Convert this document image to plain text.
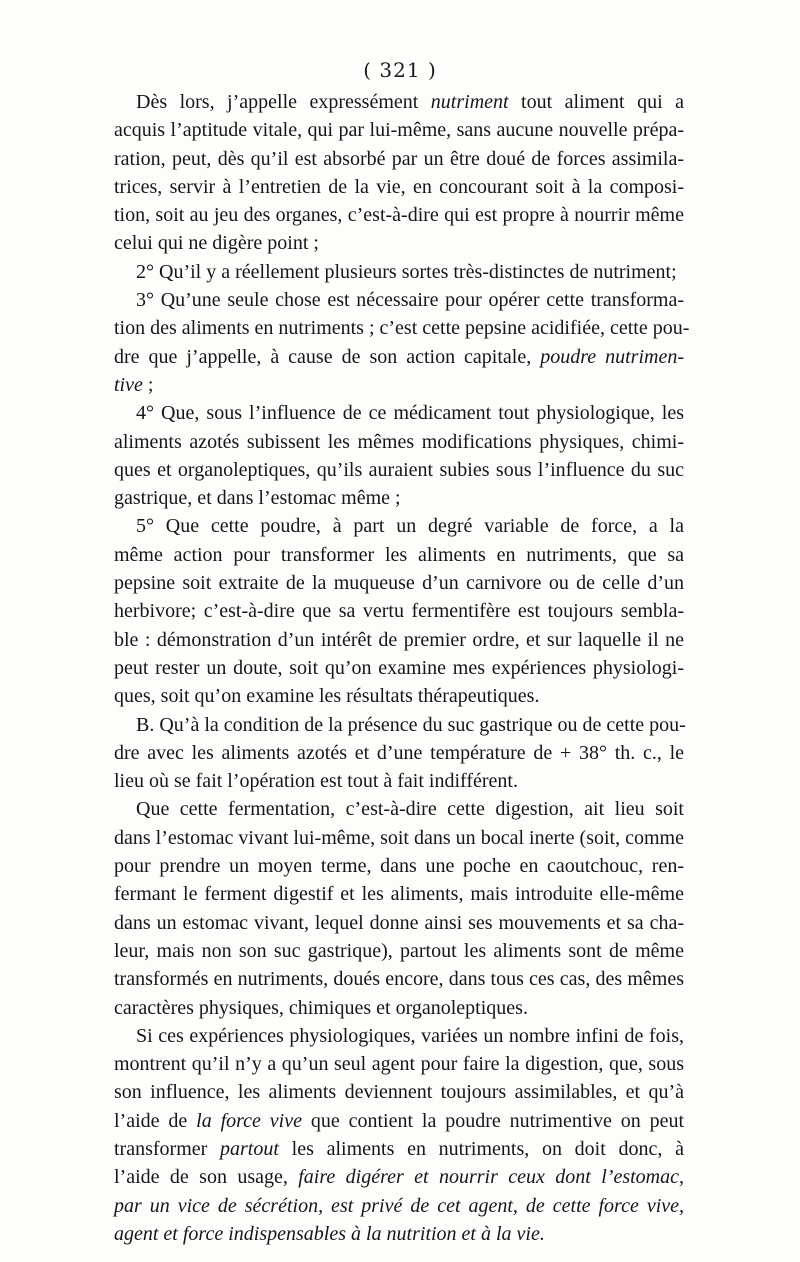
( 321 )
Dès lors, j’appelle expressément nutriment tout aliment qui a
acquis l’aptitude vitale, qui par lui-même, sans aucune nouvelle prépa-
ration, peut, dès qu’il est absorbé par un être doué de forces assimila-
trices, servir à l’entretien de la vie, en concourant soit à la composi-
tion, soit au jeu des organes, c’est-à-dire qui est propre à nourrir même
celui qui ne digère point ;
2° Qu’il y a réellement plusieurs sortes très-distinctes de nutriment;
3° Qu’une seule chose est nécessaire pour opérer cette transforma-
tion des aliments en nutriments ; c’est cette pepsine acidifiée, cette pou-
dre que j’appelle, à cause de son action capitale, poudre nutrimen-
tive ;
4° Que, sous l’influence de ce médicament tout physiologique, les
aliments azotés subissent les mêmes modifications physiques, chimi-
ques et organoleptiques, qu’ils auraient subies sous l’influence du suc
gastrique, et dans l’estomac même ;
5° Que cette poudre, à part un degré variable de force, a la
même action pour transformer les aliments en nutriments, que sa
pepsine soit extraite de la muqueuse d’un carnivore ou de celle d’un
herbivore; c’est-à-dire que sa vertu fermentifère est toujours sembla-
ble : démonstration d’un intérêt de premier ordre, et sur laquelle il ne
peut rester un doute, soit qu’on examine mes expériences physiologi-
ques, soit qu’on examine les résultats thérapeutiques.
B. Qu’à la condition de la présence du suc gastrique ou de cette pou-
dre avec les aliments azotés et d’une température de + 38° th. c., le
lieu où se fait l’opération est tout à fait indifférent.
Que cette fermentation, c’est-à-dire cette digestion, ait lieu soit
dans l’estomac vivant lui-même, soit dans un bocal inerte (soit, comme
pour prendre un moyen terme, dans une poche en caoutchouc, ren-
fermant le ferment digestif et les aliments, mais introduite elle-même
dans un estomac vivant, lequel donne ainsi ses mouvements et sa cha-
leur, mais non son suc gastrique), partout les aliments sont de même
transformés en nutriments, doués encore, dans tous ces cas, des mêmes
caractères physiques, chimiques et organoleptiques.
Si ces expériences physiologiques, variées un nombre infini de fois,
montrent qu’il n’y a qu’un seul agent pour faire la digestion, que, sous
son influence, les aliments deviennent toujours assimilables, et qu’à
l’aide de la force vive que contient la poudre nutrimentive on peut
transformer partout les aliments en nutriments, on doit donc, à
l’aide de son usage, faire digérer et nourrir ceux dont l’estomac,
par un vice de sécrétion, est privé de cet agent, de cette force vive,
agent et force indispensables à la nutrition et à la vie.
